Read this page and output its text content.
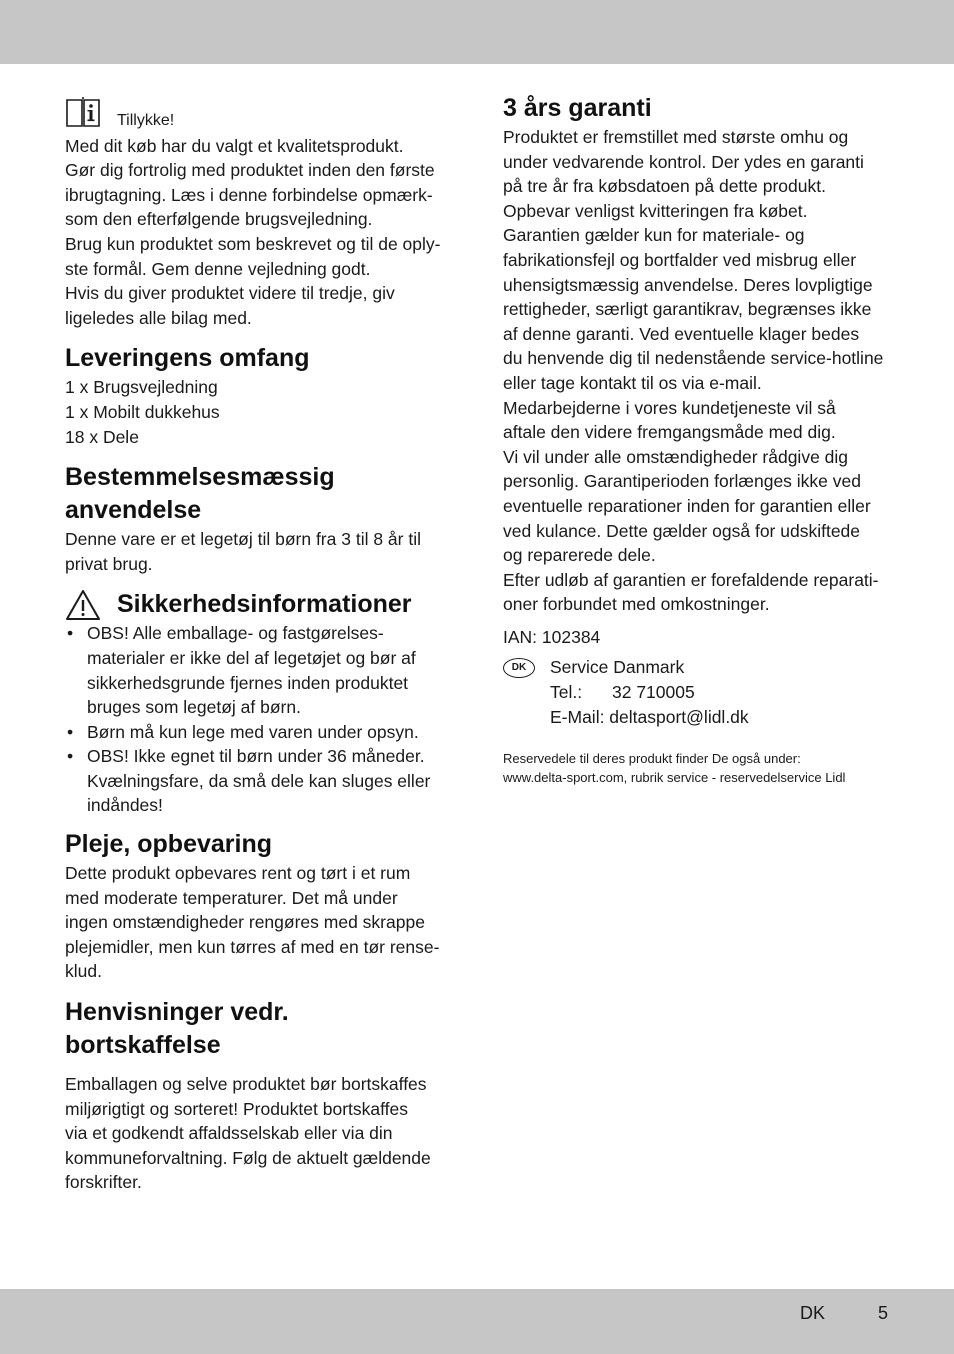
Tillykke!

Med dit køb har du valgt et kvalitetsprodukt.

Gør dig fortrolig med produktet inden den første

ibrugtagning. Læs i denne forbindelse opmærk-

som den efterfølgende brugsvejledning.

Brug kun produktet som beskrevet og til de oply-

ste formål. Gem denne vejledning godt.

Hvis du giver produktet videre til tredje, giv

ligeledes alle bilag med.

Leveringens omfang

1 x Brugsvejledning

1 x Mobilt dukkehus

18 x Dele

Bestemmelsesmæssig
anvendelse

Denne vare er et legetøj til børn fra 3 til 8 år til

privat brug.

Sikkerhedsinformationer
• OBS! Alle emballage- og fastgørelses-
materialer er ikke del af legetøjet og bør af
sikkerhedsgrunde fjernes inden produktet
bruges som legetøj af børn.
• Børn må kun lege med varen under opsyn.
• OBS! Ikke egnet til børn under 36 måneder.
Kvælningsfare, da små dele kan sluges eller
indåndes!
Pleje, opbevaring

Dette produkt opbevares rent og tørt i et rum

med moderate temperaturer. Det må under

ingen omstændigheder rengøres med skrappe

plejemidler, men kun tørres af med en tør rense-

klud.

Henvisninger vedr.
bortskaffelse

Emballagen og selve produktet bør bortskaffes

miljørigtigt og sorteret! Produktet bortskaffes

via et godkendt affaldsselskab eller via din

kommuneforvaltning. Følg de aktuelt gældende

forskrifter.

3 års garanti

Produktet er fremstillet med største omhu og

under vedvarende kontrol. Der ydes en garanti

på tre år fra købsdatoen på dette produkt.

Opbevar venligst kvitteringen fra købet.

Garantien gælder kun for materiale- og

fabrikationsfejl og bortfalder ved misbrug eller

uhensigtsmæssig anvendelse. Deres lovpligtige

rettigheder, særligt garantikrav, begrænses ikke

af denne garanti. Ved eventuelle klager bedes

du henvende dig til nedenstående service-hotline

eller tage kontakt til os via e-mail.

Medarbejderne i vores kundetjeneste vil så

aftale den videre fremgangsmåde med dig.

Vi vil under alle omstændigheder rådgive dig

personlig. Garantiperioden forlænges ikke ved

eventuelle reparationer inden for garantien eller

ved kulance. Dette gælder også for udskiftede

og reparerede dele.

Efter udløb af garantien er forefaldende reparati-

oner forbundet med omkostninger.

IAN: 102384

DK	Service Danmark

Tel.: 32 710005

E-Mail: deltasport@lidl.dk

Reservedele til deres produkt finder De også under:

www.delta-sport.com, rubrik service - reservedelservice Lidl

DK	5
